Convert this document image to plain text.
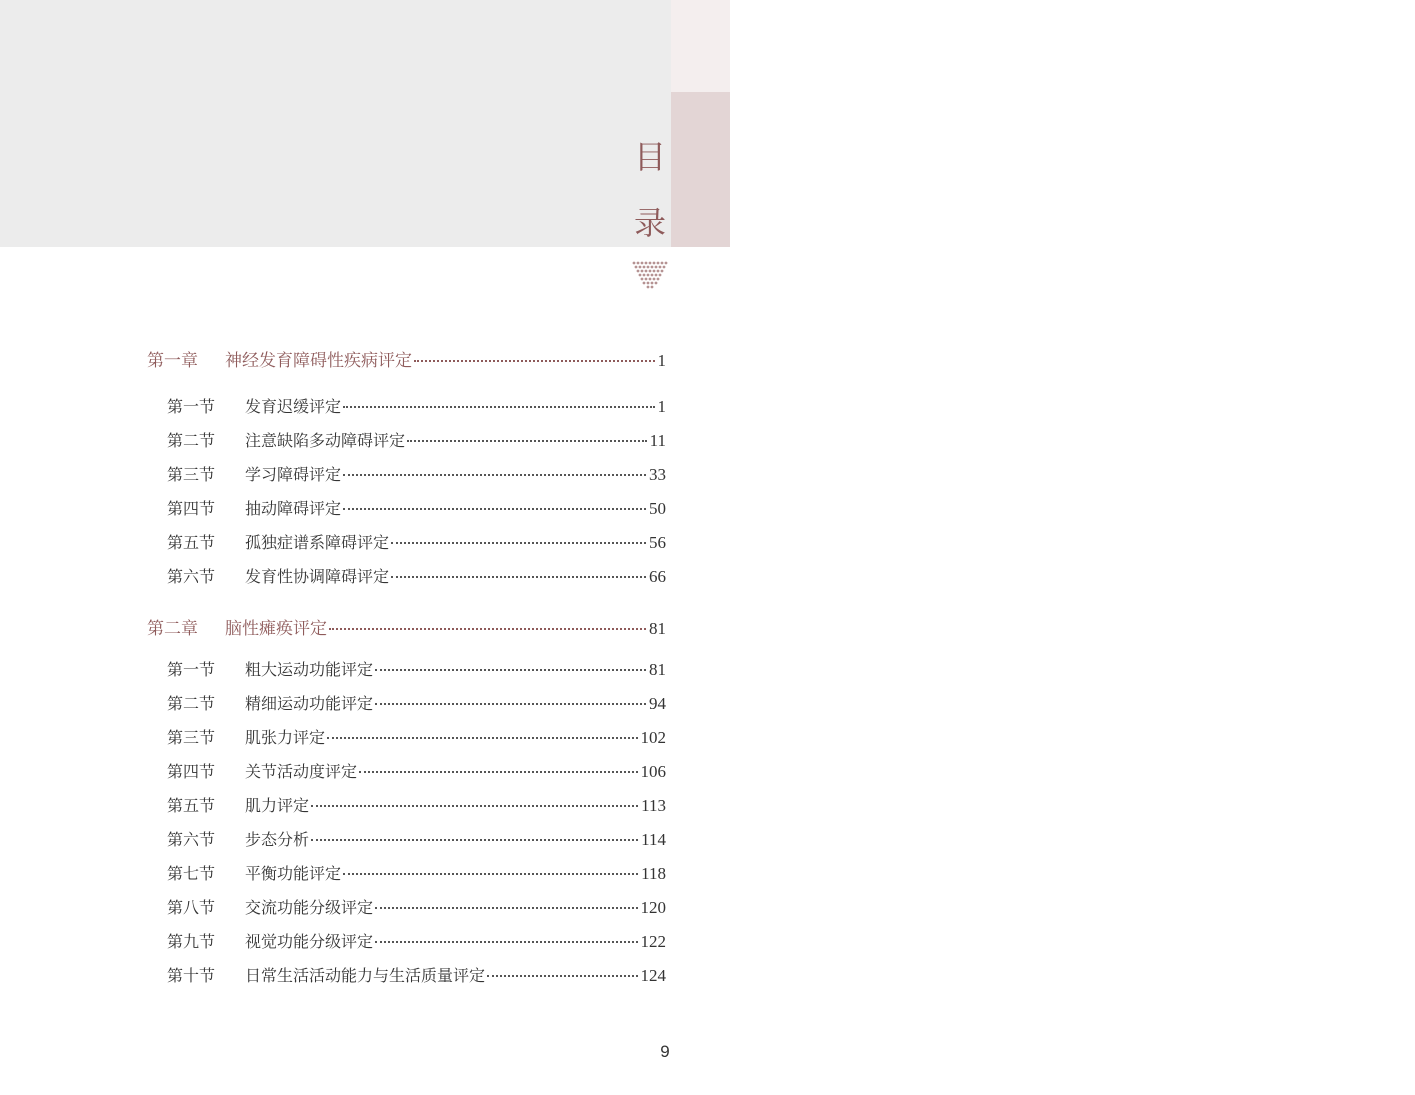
R
目
录
第一章	神经发育障碍性疾病评定	1
第一节	发育迟缓评定	1
第二节	注意缺陷多动障碍评定	11
第三节	学习障碍评定	33
第四节	抽动障碍评定	50
第五节	孤独症谱系障碍评定	56
第六节	发育性协调障碍评定	66
第二章	脑性瘫痪评定	81
第一节	粗大运动功能评定	81
第二节	精细运动功能评定	94
第三节	肌张力评定	102
第四节	关节活动度评定	106
第五节	肌力评定	113
第六节	步态分析	114
第七节	平衡功能评定	118
第八节	交流功能分级评定	120
第九节	视觉功能分级评定	122
第十节	日常生活活动能力与生活质量评定	124
9
